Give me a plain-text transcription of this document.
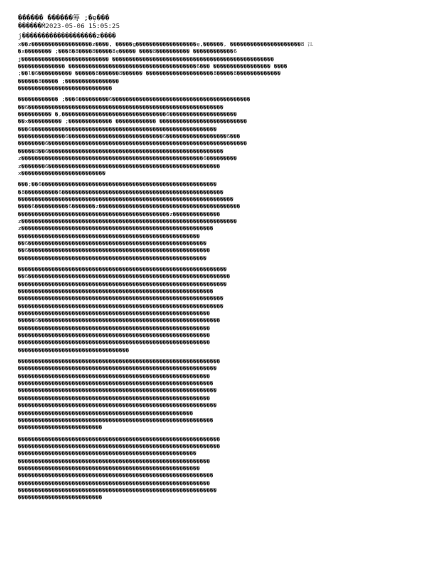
������ ������筹 ;�ẹ���
������Ṁ2023-05-06 15:05:25
j�������������������z����
x��z������������������z����, �����ɡ������������������ẹ,������, ���������������������8 江
�x�������� ;���8�8����8�����8ẹ����� ����8���������� ������������6
j�������������������������� ������������������������������������������������
�������������� ��������������������������������������6��� ����������������� ����
;��l�6���������� ������8������8������ ��������������������8�����8�������������
������8����� ;����������������
����������������������������
������������ ;���6���������6�����������������������������������������
��6����������������������������������������������������������
���������� �,�������������������������������6��������������������
��x���������� ;������������� ������������ ��������������������������
���6�������������������������������������������������������
��������������6����������������������������6������������������6���
��������6�����������������������������������������������������������
�����8��6����������������������������������������������������
z������������������������������������������������������6���������
z�������6���������������������������������������������������
x�������������������������
���;��6����������������������������������������������������
�8����������6������������������������������������������������
����������������������������������������������������������������
����6����������6�������z������������������������������������������
���������������������������������������������z��������������
z����������������������������������������������������������������
z���������������������������������������������������������
������������������������������������������������������
��6�����������������������������������������������������
��6������������������������������������������������������
��������������������������������������������������������
��������������������������������������������������������������
��6������������������������������������������������������������
��������������������������������������������������������������
����������������������������������������������������������
�������������������������������������������������������������
�������������������������������������������������������������
���������������������������������������������������������
�����6������������������������������������������������������
���������������������������������������������������������
���������������������������������������������������������
���������������������������������������������������������
���������������������������������
������������������������������������������������������������
�����������������������������������������������������������
���������������������������������������������������������
����������������������������������������������������������
�����������������������������������������������������������
���������������������������������������������������������
�����������������������������������������������������������
����������������������������������������������������
����������������������������������������������������������
�������������������������
������������������������������������������������������������
������������������������������������������������������������
�����������������������������������������������������
���������������������������������������������������������
������������������������������������������������������
����������������������������������������������������������
���������������������������������������������������������
�����������������������������������������������������������
�������������������������
